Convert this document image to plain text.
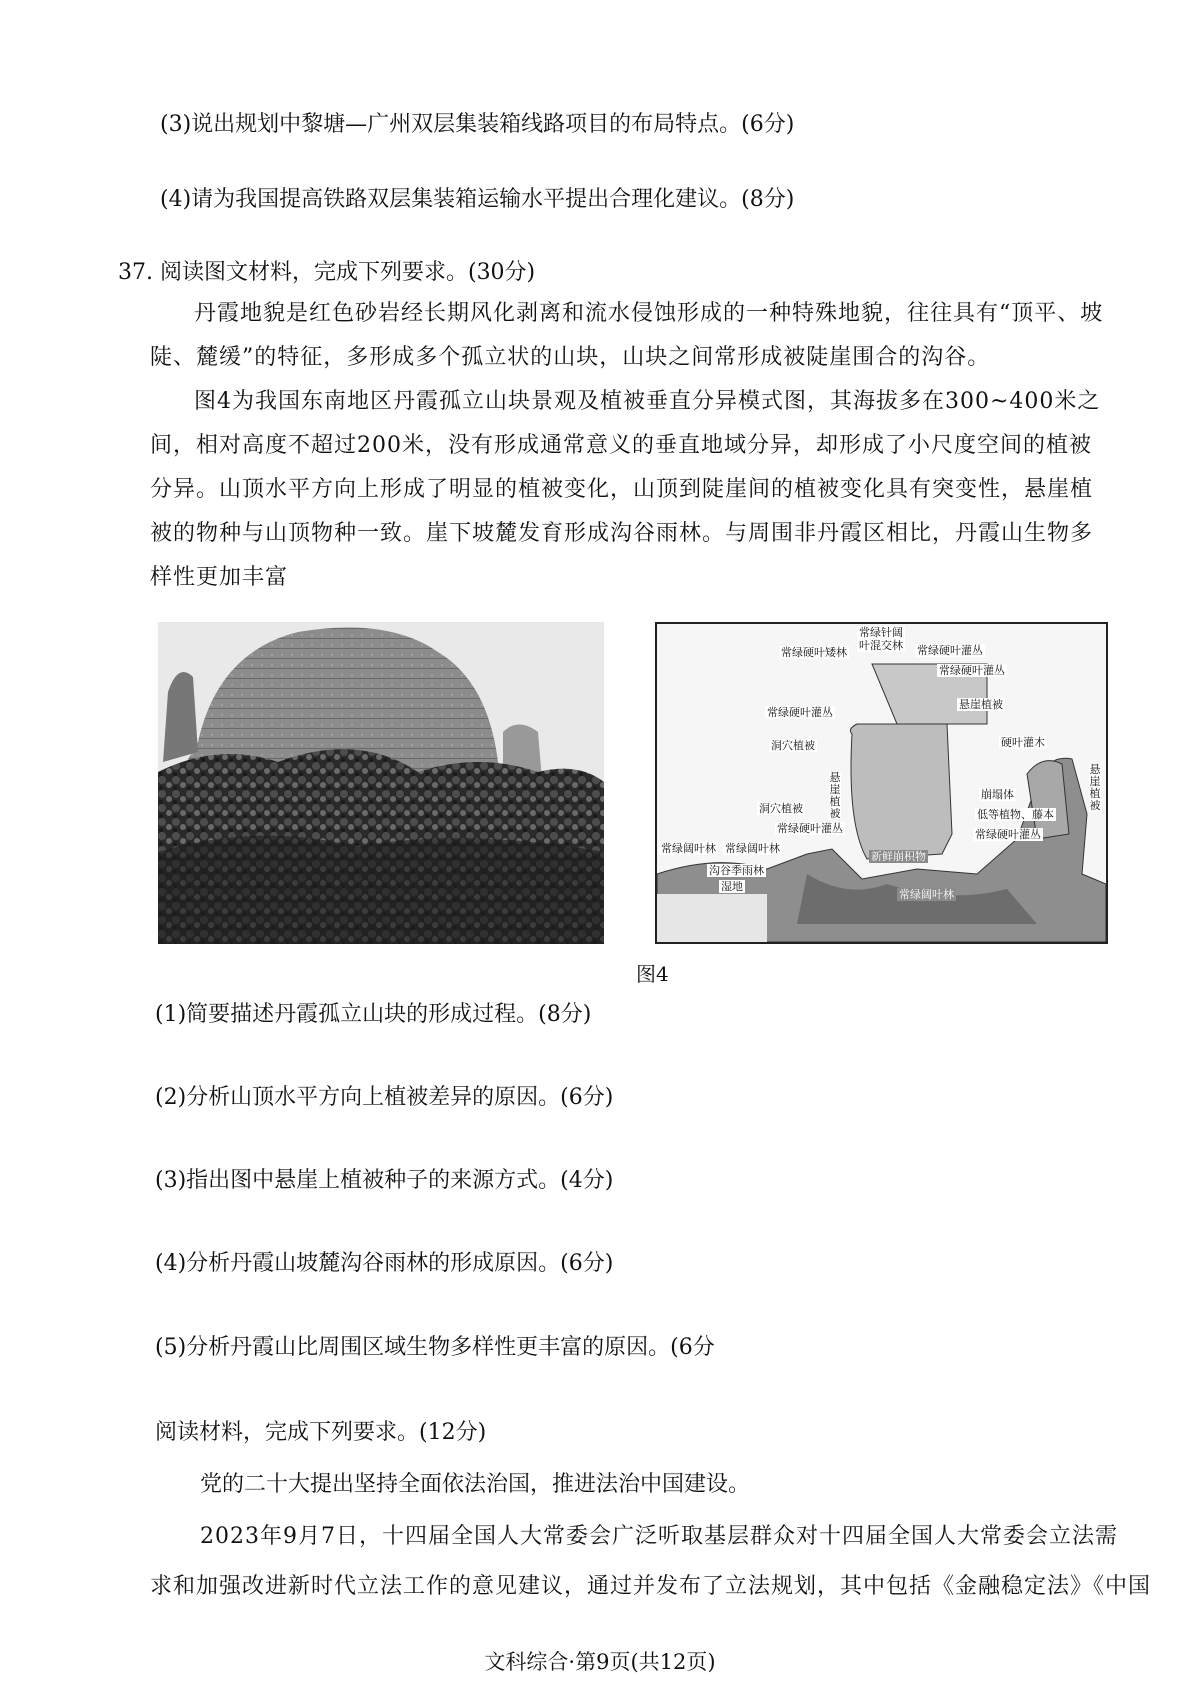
(3)说出规划中黎塘—广州双层集装箱线路项目的布局特点。(6分)
(4)请为我国提高铁路双层集装箱运输水平提出合理化建议。(8分)
37. 阅读图文材料，完成下列要求。(30分)

丹霞地貌是红色砂岩经长期风化剥离和流水侵蚀形成的一种特殊地貌，往往具有“顶平、坡陡、麓缓”的特征，多形成多个孤立状的山块，山块之间常形成被陡崖围合的沟谷。

图4为我国东南地区丹霞孤立山块景观及植被垂直分异模式图，其海拔多在300~400米之间，相对高度不超过200米，没有形成通常意义的垂直地域分异，却形成了小尺度空间的植被分异。山顶水平方向上形成了明显的植被变化，山顶到陡崖间的植被变化具有突变性，悬崖植被的物种与山顶物种一致。崖下坡麓发育形成沟谷雨林。与周围非丹霞区相比，丹霞山生物多样性更加丰富

常绿针阔
叶混交林
常绿硬叶矮林	常绿硬叶灌丛
常绿硬叶灌丛
悬崖植被
常绿硬叶灌丛
洞穴植被	硬叶灌木
悬崖植被
悬崖植被
洞穴植被
崩塌体
低等植物、藤本
常绿硬叶灌丛	常绿硬叶灌丛
常绿阔叶林 常绿阔叶林
沟谷季雨林
湿地
新鲜崩积物
常绿阔叶林
图4
(1)简要描述丹霞孤立山块的形成过程。(8分)
(2)分析山顶水平方向上植被差异的原因。(6分)
(3)指出图中悬崖上植被种子的来源方式。(4分)
(4)分析丹霞山坡麓沟谷雨林的形成原因。(6分)
(5)分析丹霞山比周围区域生物多样性更丰富的原因。(6分
阅读材料，完成下列要求。(12分)
党的二十大提出坚持全面依法治国，推进法治中国建设。
2023年9月7日，十四届全国人大常委会广泛听取基层群众对十四届全国人大常委会立法需
求和加强改进新时代立法工作的意见建议，通过并发布了立法规划，其中包括《金融稳定法》《中国
文科综合·第9页(共12页)
